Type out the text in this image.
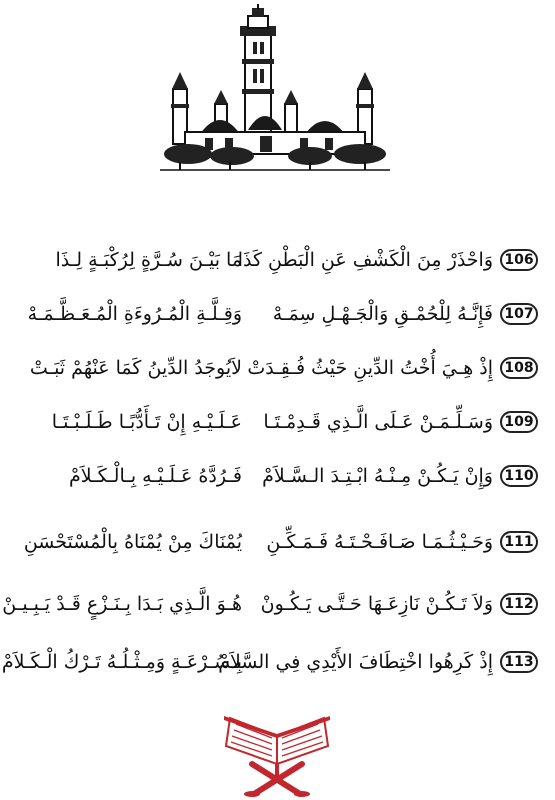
106
وَاحْذَرْ مِنَ الْكَشْفِ عَنِ الْبَطْنِ كَذَا
مَا بَيْـنَ سُـرَّةٍ لِرُكْبَـةٍ لِـذَا
107
فَإِنَّـهُ لِلْحُمْـقِ وَالْجَـهْـلِ سِمَـهْ
وَقِـلَّـةِ الْمُـرُوءَةِ الْمُـعَـظَّـمَـهْ
108
إِذْ هِـيَ أُخْتُ الدِّينِ حَيْثُ فُـقِـدَتْ
لاَيُوجَدُ الدِّينُ كَمَا عَنْهُمْ ثَبَـتْ
109
وَسَـلِّـمَـنْ عَـلَى الَّـذِي قَـدِمْـتَـا
عَـلَـيْـهِ إِنْ تَـأَدُّبًـا طَـلَـبْـتَـا
110
وَإِنْ يَـكُـنْ مِـنْـهُ ابْـتِـدَ الـسَّـلاَمْ
فَـرُدَّهُ عَـلَـيْـهِ بِـالْـكَـلاَمْ
111
وَحَـيْـثُـمَـا صَـافَـحْـتَـهُ فَـمَـكِّـنِ
يُمْنَاكَ مِنْ يُمْنَاهُ بِالْمُسْتَحْسَنِ
112
وَلاَ تَـكُـنْ نَازِعَـهَا حَـتَّـى يَـكُـونْ
هُـوَ الَّـذِي بَـدَا بِـنَـزْعٍ قَـدْ يَـبِـيـنْ
113
إِذْ كَرِهُوا اخْتِطَافَ الأَيْدِي فِي السَّلاَمْ
بِـسُـرْعَـةٍ وَمِـثْـلُـهُ تَـرْكُ الْـكَـلاَمْ
